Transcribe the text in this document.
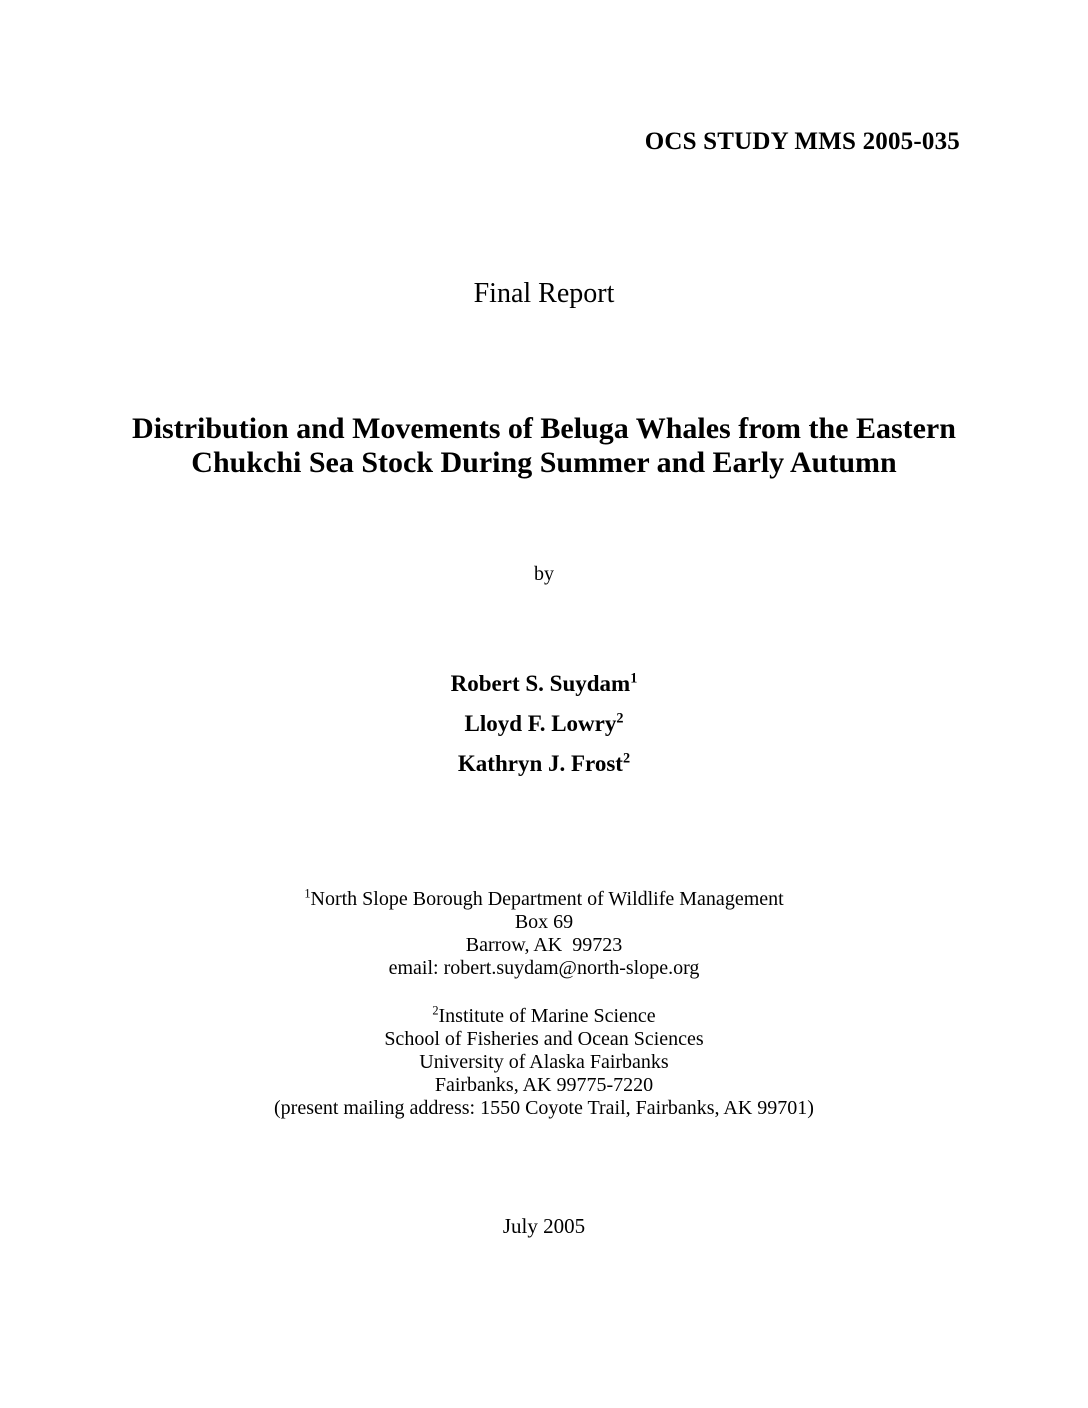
OCS STUDY MMS 2005-035
Final Report
Distribution and Movements of Beluga Whales from the Eastern
Chukchi Sea Stock During Summer and Early Autumn
by
Robert S. Suydam$^1$
Lloyd F. Lowry$^2$
Kathryn J. Frost$^2$
$^1$North Slope Borough Department of Wildlife Management
Box 69
Barrow, AK  99723
email: robert.suydam@north-slope.org
$^2$Institute of Marine Science
School of Fisheries and Ocean Sciences
University of Alaska Fairbanks
Fairbanks, AK 99775-7220
(present mailing address: 1550 Coyote Trail, Fairbanks, AK 99701)
July 2005
